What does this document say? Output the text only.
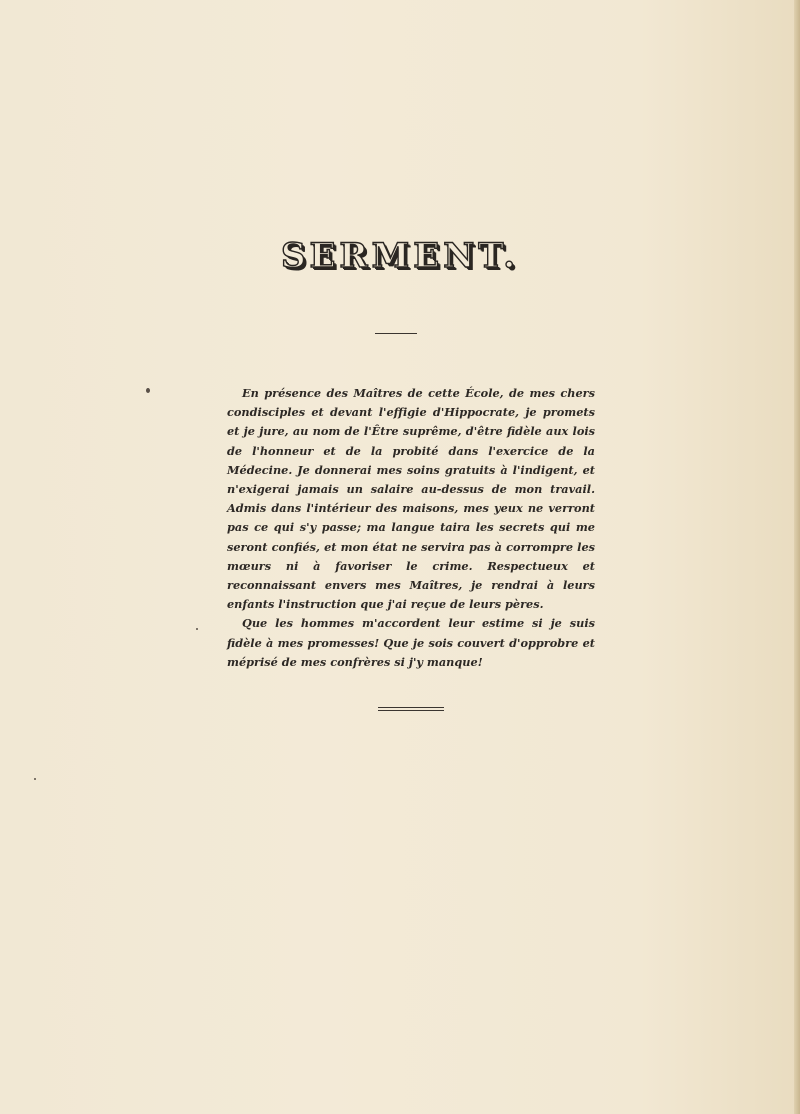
SERMENT.

En présence des Maîtres de cette École, de mes chers condisciples et devant l'effigie d'Hippocrate, je promets et je jure, au nom de l'Être suprême, d'être fidèle aux lois de l'honneur et de la probité dans l'exercice de la Médecine. Je donnerai mes soins gratuits à l'indigent, et n'exigerai jamais un salaire au-dessus de mon travail. Admis dans l'intérieur des maisons, mes yeux ne verront pas ce qui s'y passe; ma langue taira les secrets qui me seront confiés, et mon état ne servira pas à corrompre les mœurs ni à favoriser le crime. Respectueux et reconnaissant envers mes Maîtres, je rendrai à leurs enfants l'instruction que j'ai reçue de leurs pères.

Que les hommes m'accordent leur estime si je suis fidèle à mes promesses! Que je sois couvert d'opprobre et méprisé de mes confrères si j'y manque!
